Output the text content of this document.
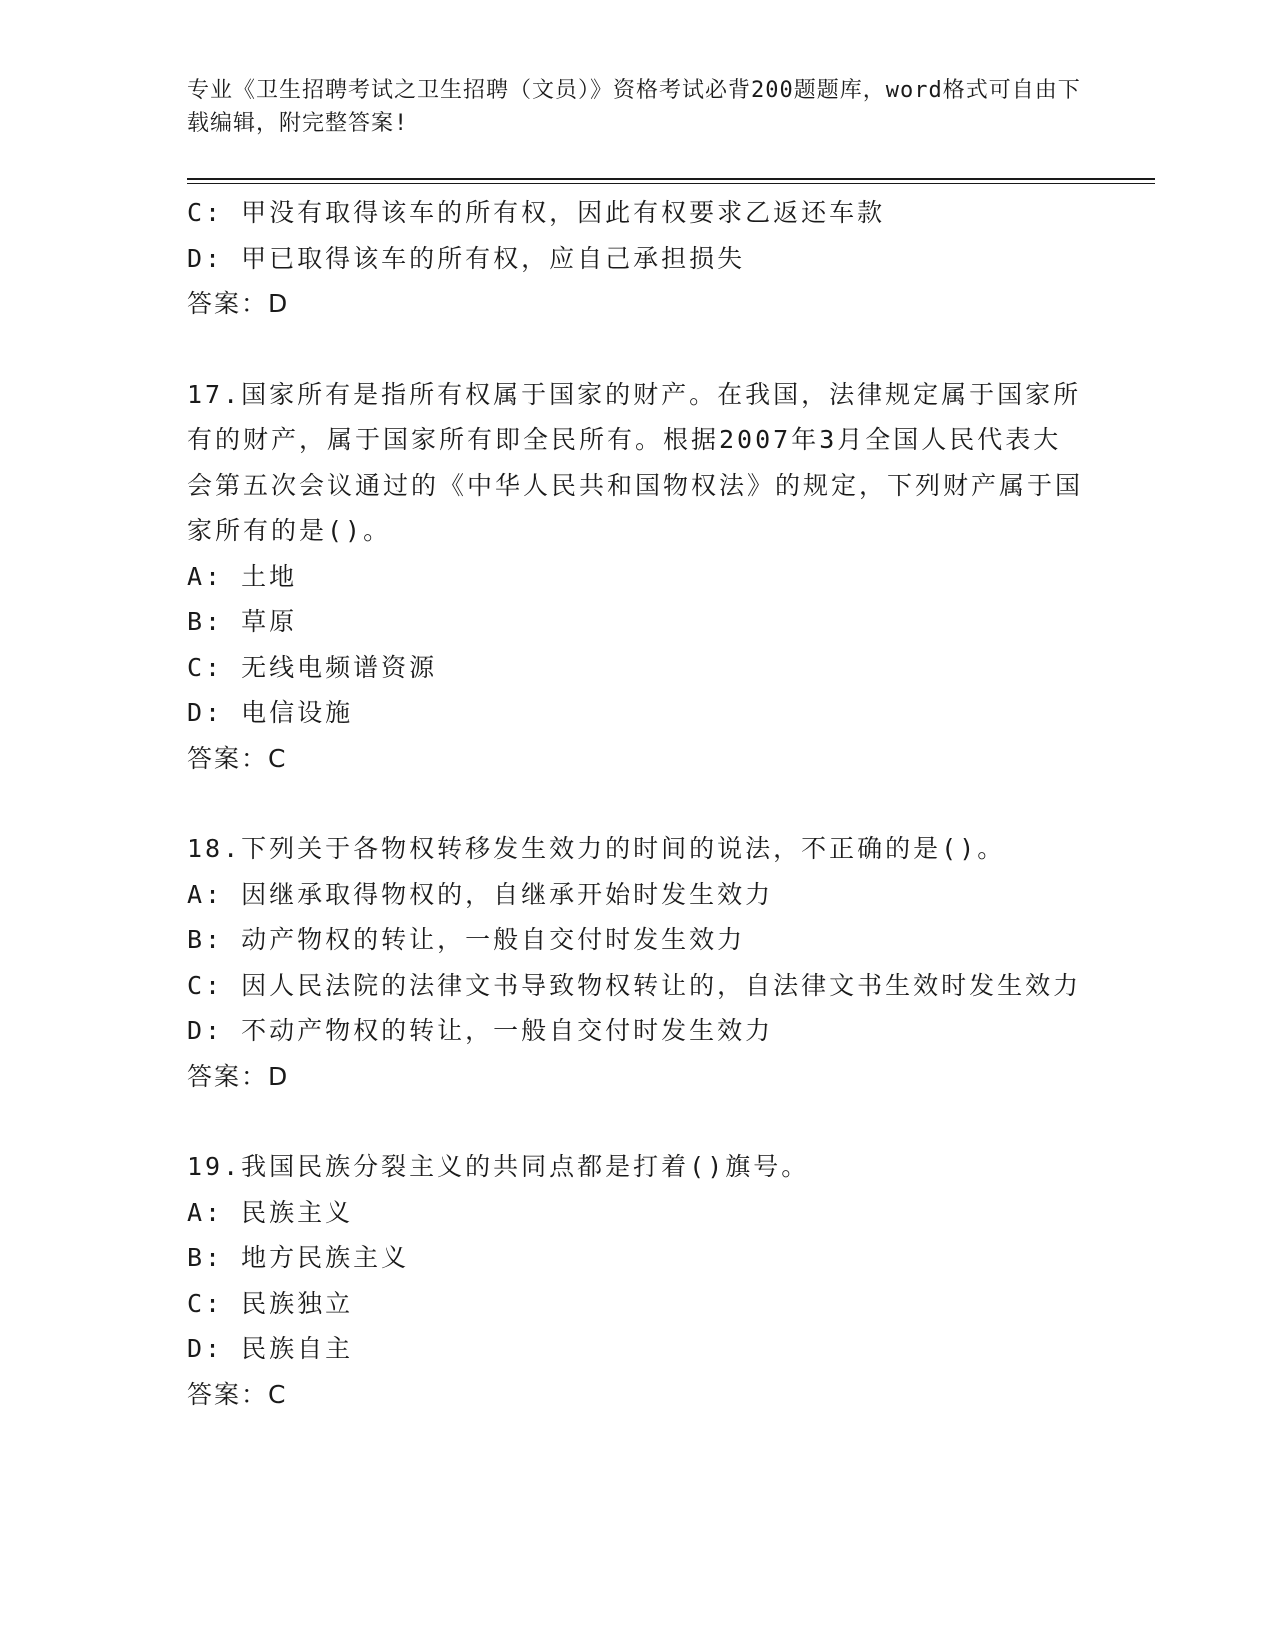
专业《卫生招聘考试之卫生招聘（文员）》资格考试必背200题题库，word格式可自由下载编辑，附完整答案!
C: 甲没有取得该车的所有权，因此有权要求乙返还车款
D: 甲已取得该车的所有权，应自己承担损失
答案：D
17.国家所有是指所有权属于国家的财产。在我国，法律规定属于国家所有的财产，属于国家所有即全民所有。根据2007年3月全国人民代表大会第五次会议通过的《中华人民共和国物权法》的规定，下列财产属于国家所有的是()。
A: 土地
B: 草原
C: 无线电频谱资源
D: 电信设施
答案：C
18.下列关于各物权转移发生效力的时间的说法，不正确的是()。
A: 因继承取得物权的，自继承开始时发生效力
B: 动产物权的转让，一般自交付时发生效力
C: 因人民法院的法律文书导致物权转让的，自法律文书生效时发生效力
D: 不动产物权的转让，一般自交付时发生效力
答案：D
19.我国民族分裂主义的共同点都是打着()旗号。
A: 民族主义
B: 地方民族主义
C: 民族独立
D: 民族自主
答案：C
